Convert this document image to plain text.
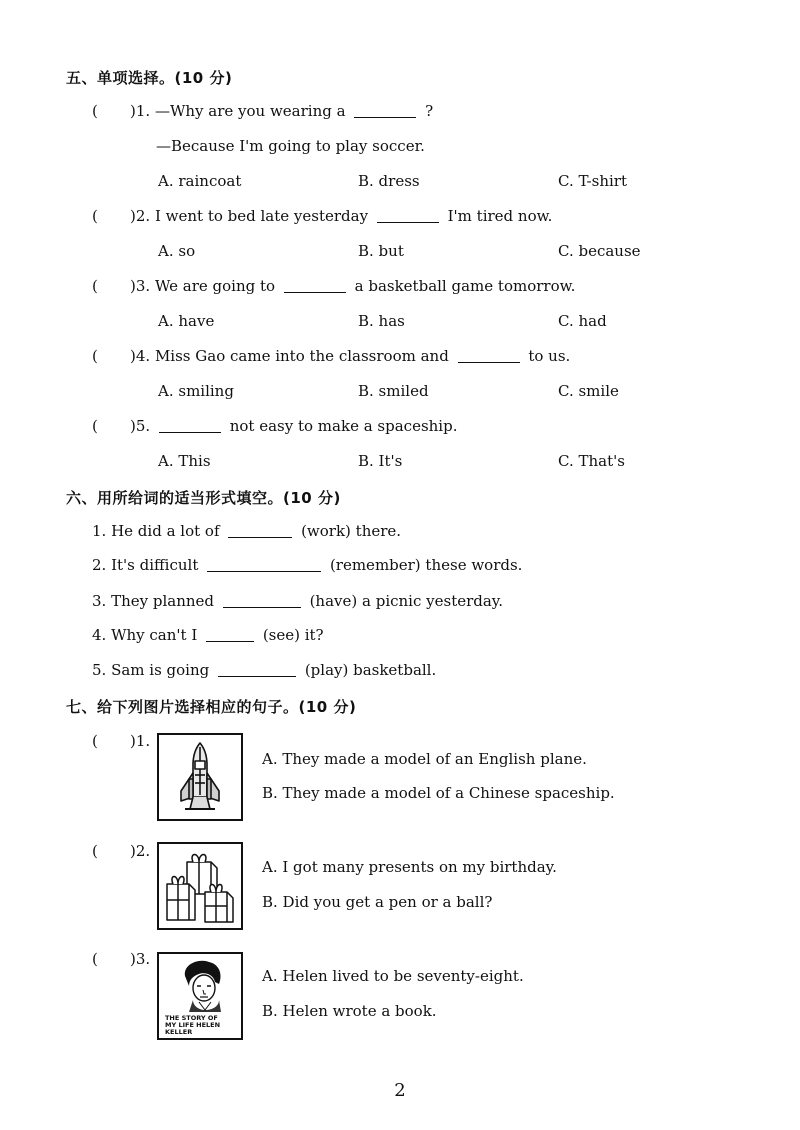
五、单项选择。(10 分)
( )1. —Why are you wearing a	?
—Because I'm going to play soccer.
A. raincoat	B. dress	C. T-shirt
( )2. I went to bed late yesterday	I'm tired now.
A. so	B. but	C. because
( )3. We are going to	a basketball game tomorrow.
A. have	B. has	C. had
( )4. Miss Gao came into the classroom and	to us.
A. smiling	B. smiled	C. smile
( )5.	not easy to make a spaceship.
A. This	B. It's	C. That's
六、用所给词的适当形式填空。(10 分)
1. He did a lot of	(work) there.
2. It's difficult	(remember) these words.
3. They planned	(have) a picnic yesterday.
4. Why can't I	(see) it?
5. Sam is going	(play) basketball.
七、给下列图片选择相应的句子。(10 分)
( )1.
A. They made a model of an English plane.
B. They made a model of a Chinese spaceship.
( )2.
A. I got many presents on my birthday.
B. Did you get a pen or a ball?
( )3.
THE STORY OF
MY LIFE HELEN
KELLER
A. Helen lived to be seventy-eight.
B. Helen wrote a book.
2
